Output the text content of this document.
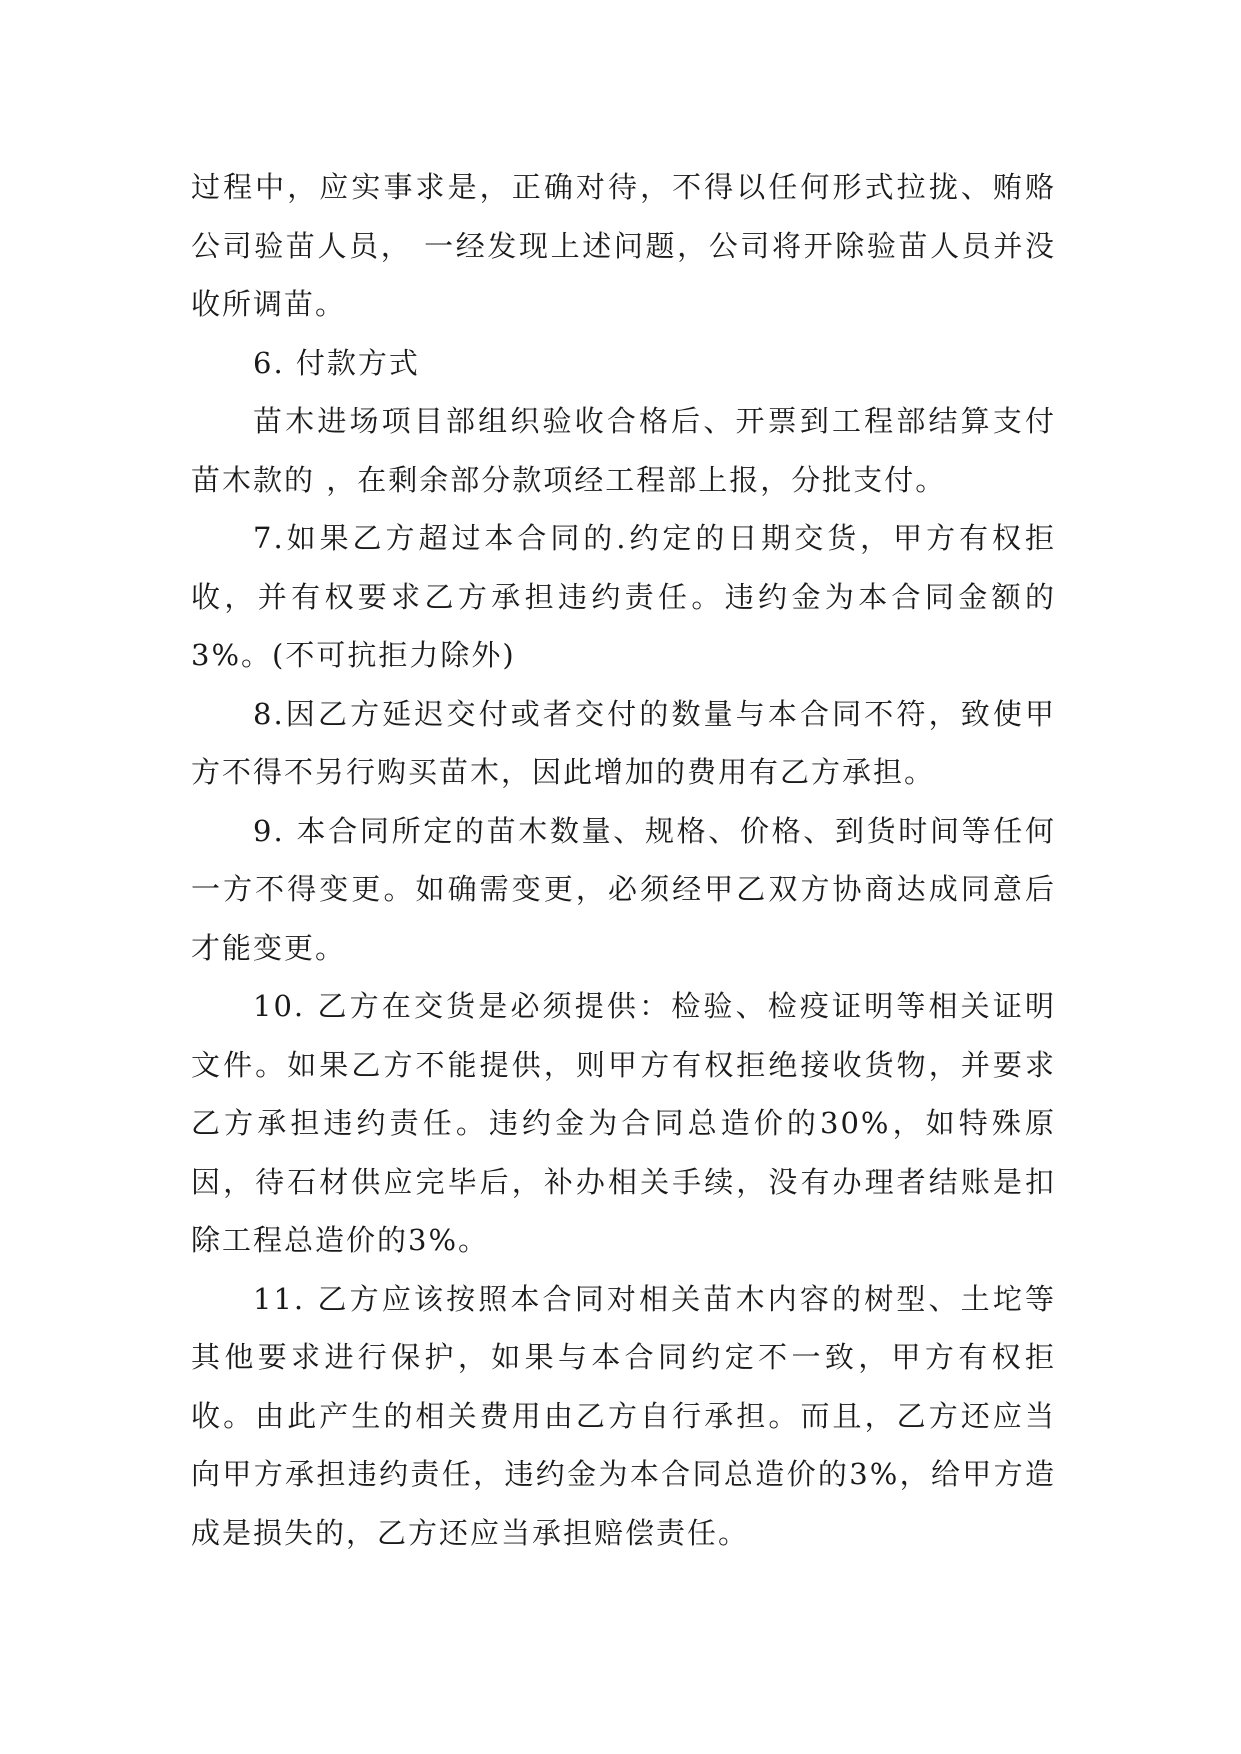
过程中，应实事求是，正确对待，不得以任何形式拉拢、贿赂公司验苗人员， 一经发现上述问题，公司将开除验苗人员并没收所调苗。

6. 付款方式

苗木进场项目部组织验收合格后、开票到工程部结算支付苗木款的 ，在剩余部分款项经工程部上报，分批支付。

7.如果乙方超过本合同的.约定的日期交货，甲方有权拒收，并有权要求乙方承担违约责任。违约金为本合同金额的3%。(不可抗拒力除外)

8.因乙方延迟交付或者交付的数量与本合同不符，致使甲方不得不另行购买苗木，因此增加的费用有乙方承担。

9. 本合同所定的苗木数量、规格、价格、到货时间等任何一方不得变更。如确需变更，必须经甲乙双方协商达成同意后才能变更。

10. 乙方在交货是必须提供：检验、检疫证明等相关证明文件。如果乙方不能提供，则甲方有权拒绝接收货物，并要求乙方承担违约责任。违约金为合同总造价的30%，如特殊原因，待石材供应完毕后，补办相关手续，没有办理者结账是扣除工程总造价的3%。

11. 乙方应该按照本合同对相关苗木内容的树型、土坨等其他要求进行保护，如果与本合同约定不一致，甲方有权拒收。由此产生的相关费用由乙方自行承担。而且，乙方还应当向甲方承担违约责任，违约金为本合同总造价的3%，给甲方造成是损失的，乙方还应当承担赔偿责任。
